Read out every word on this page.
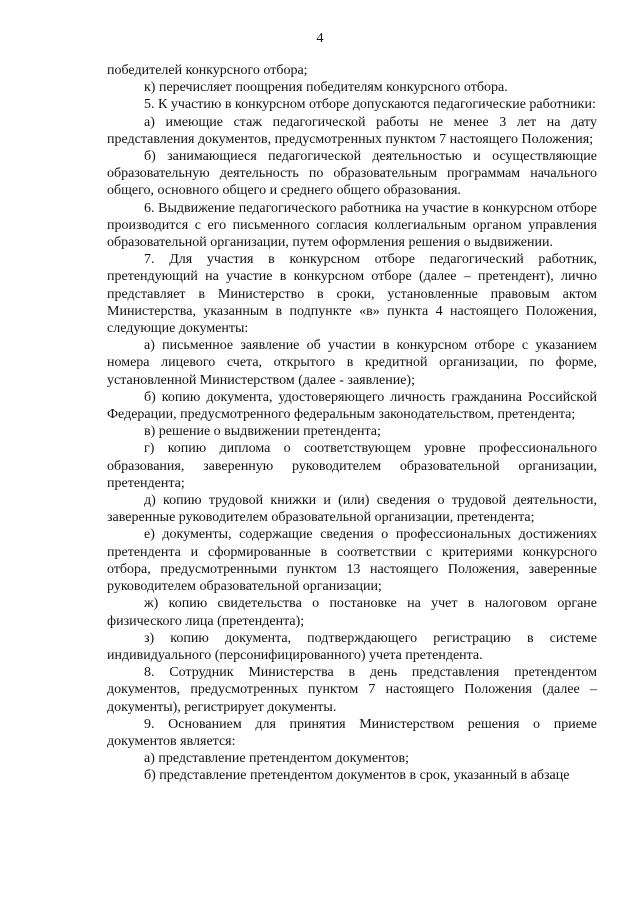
4

победителей конкурсного отбора;

к) перечисляет поощрения победителям конкурсного отбора.

5. К участию в конкурсном отборе допускаются педагогические работники:

а) имеющие стаж педагогической работы не менее 3 лет на дату представления документов, предусмотренных пунктом 7 настоящего Положения;

б) занимающиеся педагогической деятельностью и осуществляющие образовательную деятельность по образовательным программам начального общего, основного общего и среднего общего образования.

6. Выдвижение педагогического работника на участие в конкурсном отборе производится с его письменного согласия коллегиальным органом управления образовательной организации, путем оформления решения о выдвижении.

7. Для участия в конкурсном отборе педагогический работник, претендующий на участие в конкурсном отборе (далее – претендент), лично представляет в Министерство в сроки, установленные правовым актом Министерства, указанным в подпункте «в» пункта 4 настоящего Положения, следующие документы:

а) письменное заявление об участии в конкурсном отборе с указанием номера лицевого счета, открытого в кредитной организации, по форме, установленной Министерством (далее - заявление);

б) копию документа, удостоверяющего личность гражданина Российской Федерации, предусмотренного федеральным законодательством, претендента;

в) решение о выдвижении претендента;

г) копию диплома о соответствующем уровне профессионального образования, заверенную руководителем образовательной организации, претендента;

д) копию трудовой книжки и (или) сведения о трудовой деятельности, заверенные руководителем образовательной организации, претендента;

е) документы, содержащие сведения о профессиональных достижениях претендента и сформированные в соответствии с критериями конкурсного отбора, предусмотренными пунктом 13 настоящего Положения, заверенные руководителем образовательной организации;

ж) копию свидетельства о постановке на учет в налоговом органе физического лица (претендента);

з) копию документа, подтверждающего регистрацию в системе индивидуального (персонифицированного) учета претендента.

8. Сотрудник Министерства в день представления претендентом документов, предусмотренных пунктом 7 настоящего Положения (далее – документы), регистрирует документы.

9. Основанием для принятия Министерством решения о приеме документов является:

а) представление претендентом документов;

б) представление претендентом документов в срок, указанный в абзаце
